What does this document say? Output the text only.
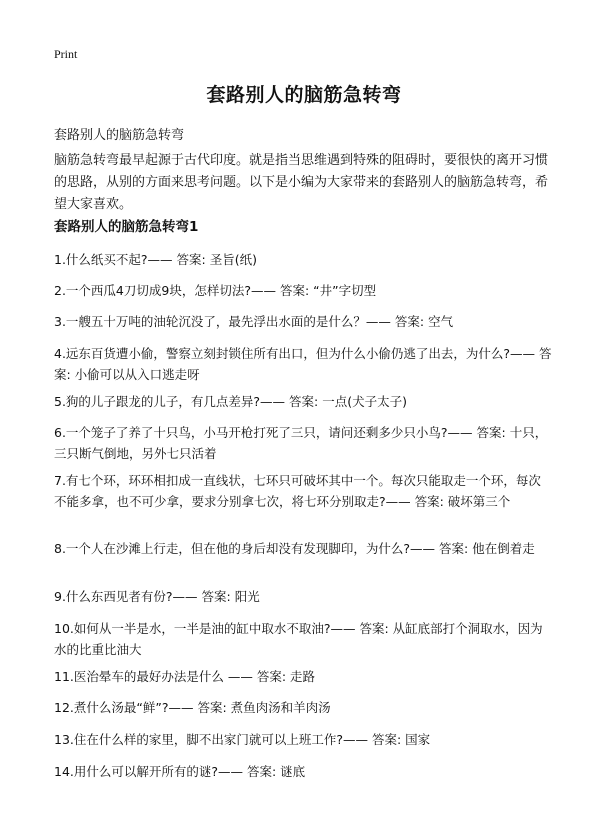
Print
套路别人的脑筋急转弯
套路别人的脑筋急转弯
脑筋急转弯最早起源于古代印度。就是指当思维遇到特殊的阻碍时，要很快的离开习惯的思路，从别的方面来思考问题。以下是小编为大家带来的套路别人的脑筋急转弯，希望大家喜欢。
套路别人的脑筋急转弯1

1.什么纸买不起?—— 答案: 圣旨(纸)

2.一个西瓜4刀切成9块，怎样切法?—— 答案: “井”字切型

3.一艘五十万吨的油轮沉没了，最先浮出水面的是什么？—— 答案: 空气

4.远东百货遭小偷，警察立刻封锁住所有出口，但为什么小偷仍逃了出去，为什么?—— 答案: 小偷可以从入口逃走呀

5.狗的儿子跟龙的儿子，有几点差异?—— 答案: 一点(犬子太子)

6.一个笼子了养了十只鸟，小马开枪打死了三只，请问还剩多少只小鸟?—— 答案: 十只，三只断气倒地，另外七只活着

7.有七个环，环环相扣成一直线状，七环只可破坏其中一个。每次只能取走一个环，每次不能多拿，也不可少拿，要求分别拿七次，将七环分别取走?—— 答案: 破坏第三个

8.一个人在沙滩上行走，但在他的身后却没有发现脚印，为什么?—— 答案: 他在倒着走

9.什么东西见者有份?—— 答案: 阳光

10.如何从一半是水，一半是油的缸中取水不取油?—— 答案: 从缸底部打个洞取水，因为水的比重比油大

11.医治晕车的最好办法是什么 —— 答案: 走路

12.煮什么汤最“鲜”?—— 答案: 煮鱼肉汤和羊肉汤

13.住在什么样的家里，脚不出家门就可以上班工作?—— 答案: 国家

14.用什么可以解开所有的谜?—— 答案: 谜底
